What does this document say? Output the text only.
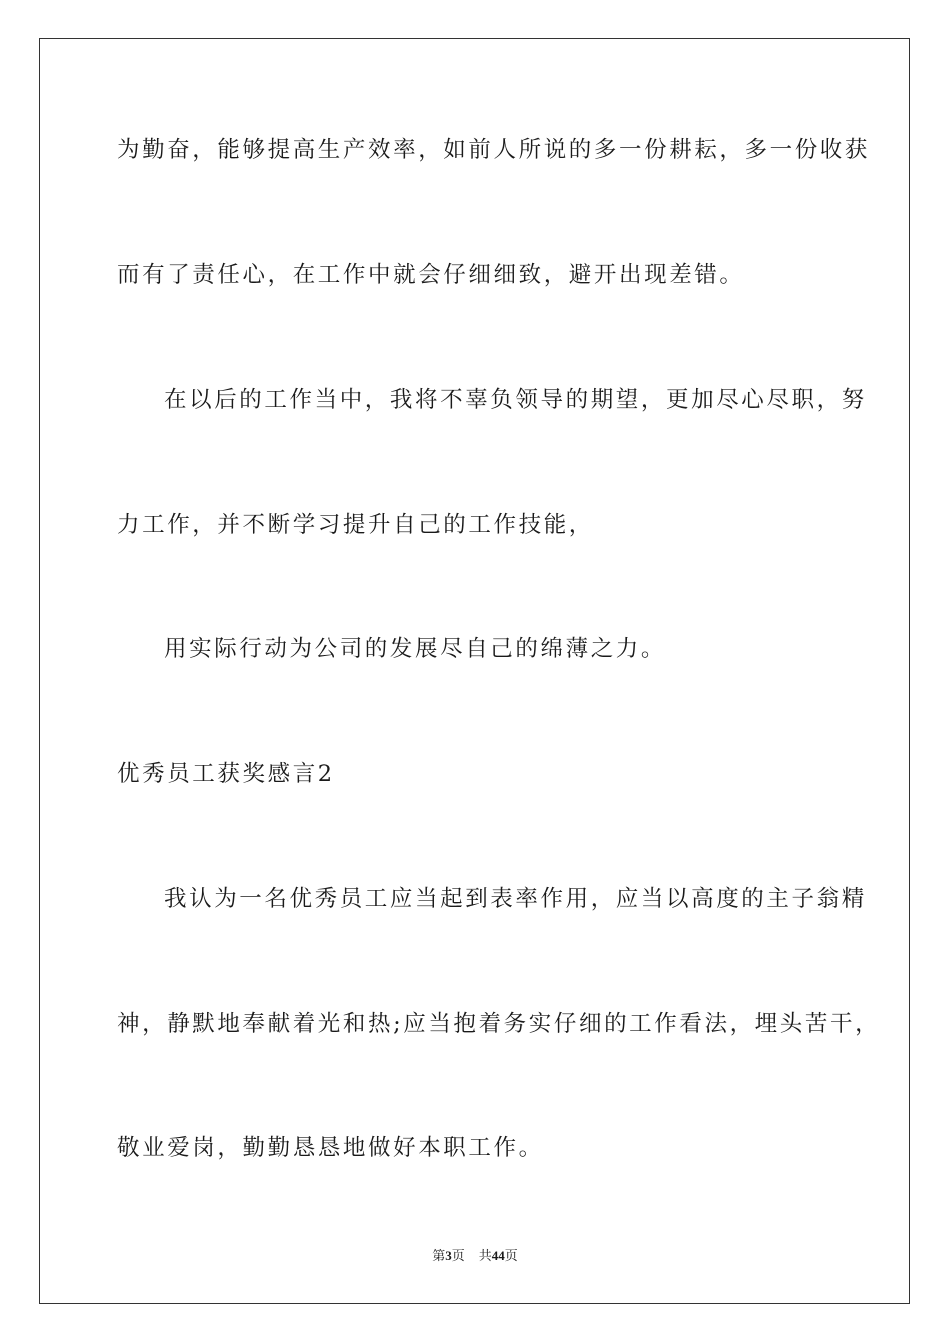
为勤奋，能够提高生产效率，如前人所说的多一份耕耘，多一份收获
而有了责任心，在工作中就会仔细细致，避开出现差错。
在以后的工作当中，我将不辜负领导的期望，更加尽心尽职，努
力工作，并不断学习提升自己的工作技能，
用实际行动为公司的发展尽自己的绵薄之力。
优秀员工获奖感言2
我认为一名优秀员工应当起到表率作用，应当以高度的主子翁精
神，静默地奉献着光和热;应当抱着务实仔细的工作看法，埋头苦干，
敬业爱岗，勤勤恳恳地做好本职工作。
第3页 共44页
